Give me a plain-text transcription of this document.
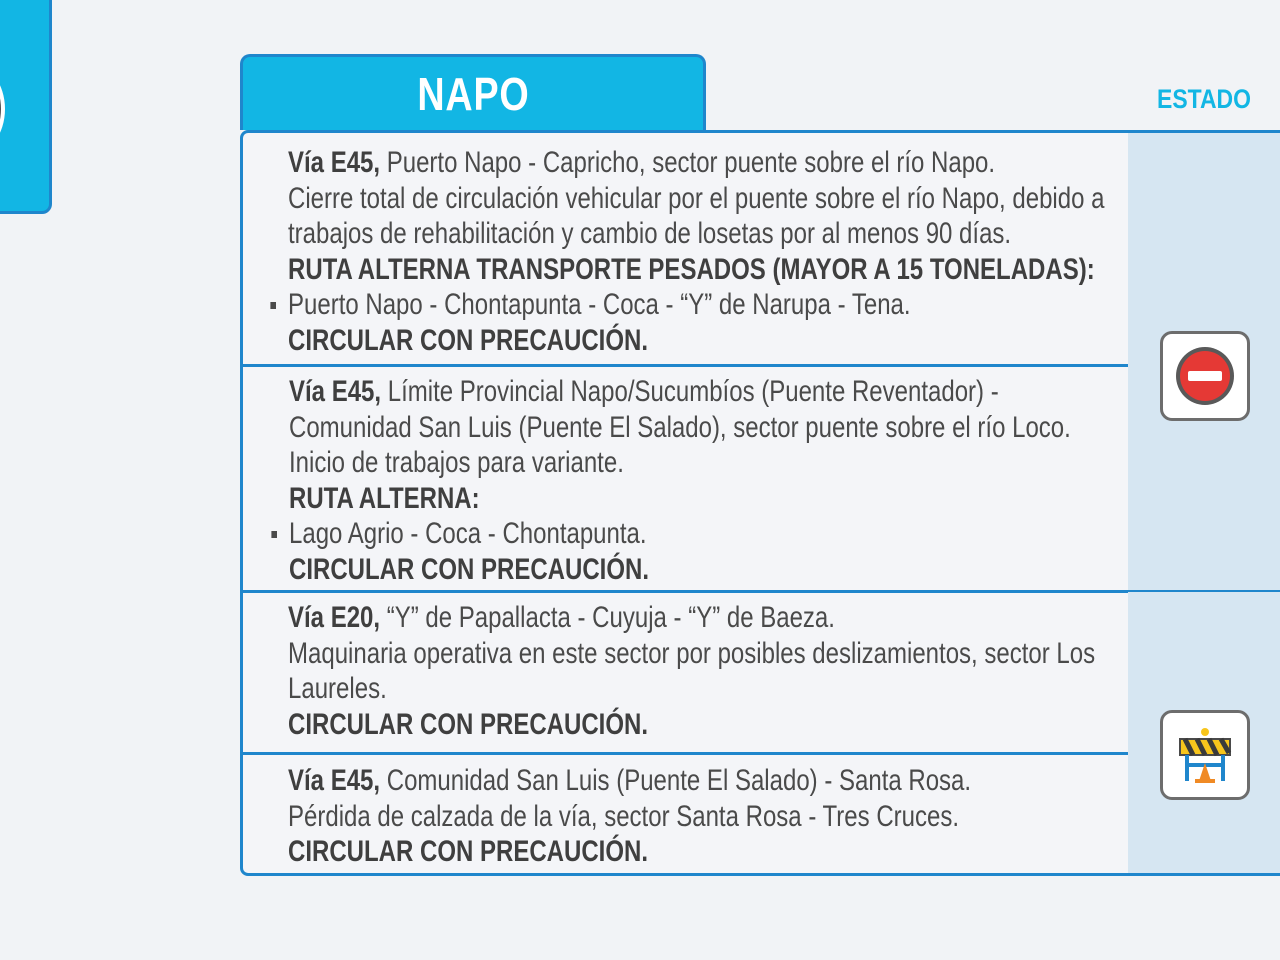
NAPO	ESTADO
Vía E45, Puerto Napo - Capricho, sector puente sobre el río Napo.
Cierre total de circulación vehicular por el puente sobre el río Napo, debido a
trabajos de rehabilitación y cambio de losetas por al menos 90 días.
RUTA ALTERNA TRANSPORTE PESADOS (MAYOR A 15 TONELADAS):
Puerto Napo - Chontapunta - Coca - “Y” de Narupa - Tena.
CIRCULAR CON PRECAUCIÓN.
Vía E45, Límite Provincial Napo/Sucumbíos (Puente Reventador) -
Comunidad San Luis (Puente El Salado), sector puente sobre el río Loco.
Inicio de trabajos para variante.
RUTA ALTERNA:
Lago Agrio - Coca - Chontapunta.
CIRCULAR CON PRECAUCIÓN.
Vía E20, “Y” de Papallacta - Cuyuja - “Y” de Baeza.
Maquinaria operativa en este sector por posibles deslizamientos, sector Los
Laureles.
CIRCULAR CON PRECAUCIÓN.
Vía E45, Comunidad San Luis (Puente El Salado) - Santa Rosa.
Pérdida de calzada de la vía, sector Santa Rosa - Tres Cruces.
CIRCULAR CON PRECAUCIÓN.
